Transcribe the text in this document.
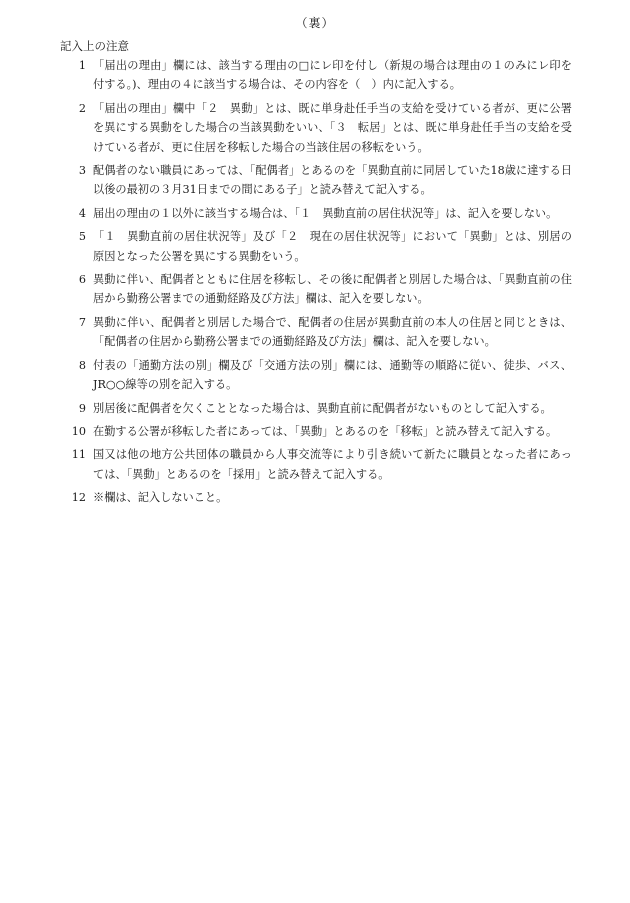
（裏）
記入上の注意
1 「届出の理由」欄には、該当する理由の□にレ印を付し（新規の場合は理由の１のみにレ印を付する。)、理由の４に該当する場合は、その内容を（　）内に記入する。
2 「届出の理由」欄中「２　異動」とは、既に単身赴任手当の支給を受けている者が、更に公署を異にする異動をした場合の当該異動をいい、「３　転居」とは、既に単身赴任手当の支給を受けている者が、更に住居を移転した場合の当該住居の移転をいう。
3 配偶者のない職員にあっては、「配偶者」とあるのを「異動直前に同居していた18歳に達する日以後の最初の３月31日までの間にある子」と読み替えて記入する。
4 届出の理由の１以外に該当する場合は、「１　異動直前の居住状況等」は、記入を要しない。
5 「１　異動直前の居住状況等」及び「２　現在の居住状況等」において「異動」とは、別居の原因となった公署を異にする異動をいう。
6 異動に伴い、配偶者とともに住居を移転し、その後に配偶者と別居した場合は、「異動直前の住居から勤務公署までの通勤経路及び方法」欄は、記入を要しない。
7 異動に伴い、配偶者と別居した場合で、配偶者の住居が異動直前の本人の住居と同じときは、「配偶者の住居から勤務公署までの通勤経路及び方法」欄は、記入を要しない。
8 付表の「通勤方法の別」欄及び「交通方法の別」欄には、通勤等の順路に従い、徒歩、バス、JR○○線等の別を記入する。
9 別居後に配偶者を欠くこととなった場合は、異動直前に配偶者がないものとして記入する。
10 在勤する公署が移転した者にあっては、「異動」とあるのを「移転」と読み替えて記入する。
11 国又は他の地方公共団体の職員から人事交流等により引き続いて新たに職員となった者にあっては、「異動」とあるのを「採用」と読み替えて記入する。
12 ※欄は、記入しないこと。
